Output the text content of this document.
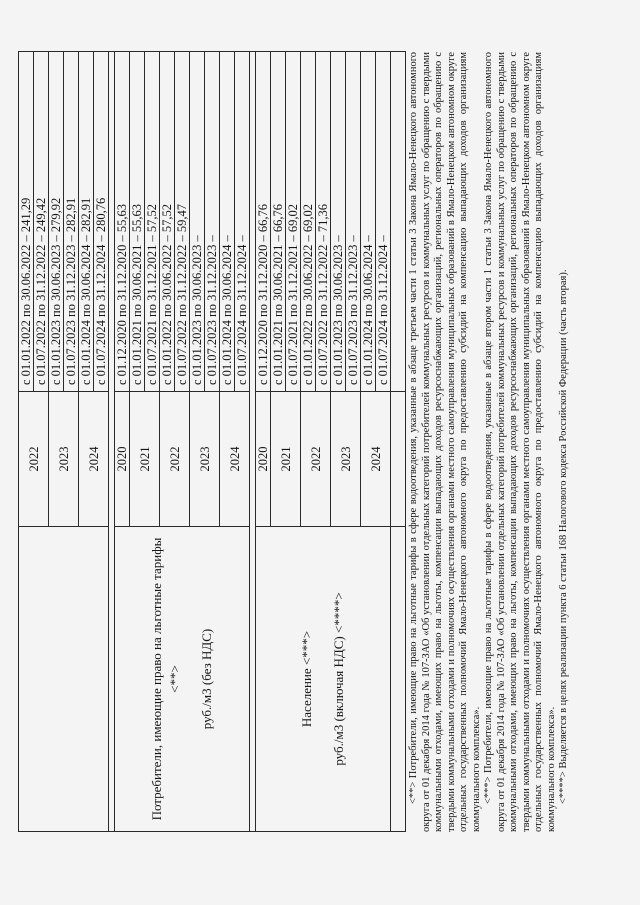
	2022	с 01.01.2022 по 30.06.2022 – 241,29
		с 01.07.2022 по 31.12.2022 – 249,42
	2023	с 01.01.2023 по 30.06.2023 – 279,92
		с 01.07.2023 по 31.12.2023 – 282,91
	2024	с 01.01.2024 по 30.06.2024 – 282,91
		с 01.07.2024 по 31.12.2024 – 280,76

Потребители, имеющие право на льготные тарифы <**> руб./м3 (без НДС)	2020	с 01.12.2020 по 31.12.2020 – 55,63
	2021	с 01.01.2021 по 30.06.2021 – 55,63
		с 01.07.2021 по 31.12.2021 – 57,52
	2022	с 01.01.2022 по 30.06.2022 – 57,52
		с 01.07.2022 по 31.12.2022 – 59,47
	2023	с 01.01.2023 по 30.06.2023 –
		с 01.07.2023 по 31.12.2023 –
	2024	с 01.01.2024 по 30.06.2024 –
		с 01.07.2024 по 31.12.2024 –

Население <***> руб./м3 (включая НДС) <****>	2020	с 01.12.2020 по 31.12.2020 – 66,76
	2021	с 01.01.2021 по 30.06.2021 – 66,76
		с 01.07.2021 по 31.12.2021 – 69,02
	2022	с 01.01.2022 по 30.06.2022 – 69,02
		с 01.07.2022 по 31.12.2022 – 71,36
	2023	с 01.01.2023 по 30.06.2023 –
		с 01.07.2023 по 31.12.2023 –
	2024	с 01.01.2024 по 30.06.2024 –
		с 01.07.2024 по 31.12.2024 –
		<**> Потребители, имеющие право на льготные тарифы в сфере водоотведения, указанные в абзаце третьем части 1 статьи 3 Закона Ямало-Ненецкого автономного округа от 01 декабря 2014 года № 107-ЗАО «Об установлении отдельных категорий потребителей коммунальных ресурсов и коммунальных услуг по обращению с твердыми коммунальными отходами, имеющих право на льготы, компенсации выпадающих доходов ресурсоснабжающих организаций, региональных операторов по обращению с твердыми коммунальными отходами и полномочиях осуществления органами местного самоуправления муниципальных образований в Ямало-Ненецком автономном округе отдельных государственных полномочий Ямало-Ненецкого автономного округа по предоставлению субсидий на компенсацию выпадающих доходов организациям коммунального комплекса». <***> Потребители, имеющие право на льготные тарифы в сфере водоотведения, указанные в абзаце втором части 1 статьи 3 Закона Ямало-Ненецкого автономного округа от 01 декабря 2014 года № 107-ЗАО «Об установлении отдельных категорий потребителей коммунальных ресурсов и коммунальных услуг по обращению с твердыми коммунальными отходами, имеющих право на льготы, компенсации выпадающих доходов ресурсоснабжающих организаций, региональных операторов по обращению с твердыми коммунальными отходами и полномочиях осуществления органами местного самоуправления муниципальных образований в Ямало-Ненецком автономном округе отдельных государственных полномочий Ямало-Ненецкого автономного округа по предоставлению субсидий на компенсацию выпадающих доходов организациям коммунального комплекса». <****> Выделяется в целях реализации пункта 6 статьи 168 Налогового кодекса Российской Федерации (часть вторая).
